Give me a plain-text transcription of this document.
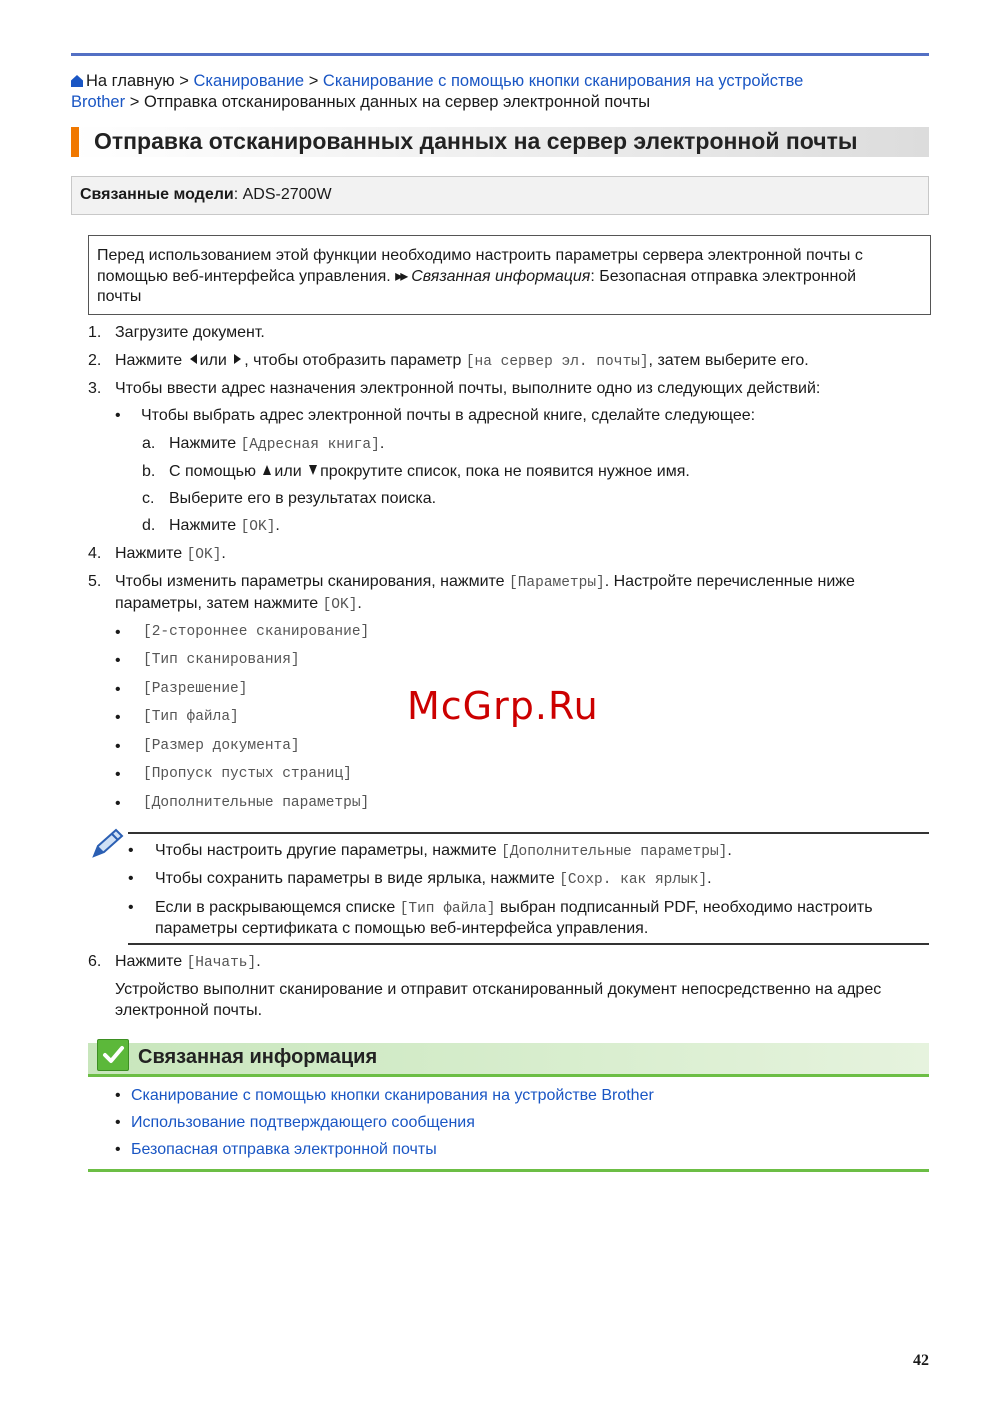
На главную > Сканирование > Сканирование с помощью кнопки сканирования на устройстве
Brother > Отправка отсканированных данных на сервер электронной почты
Отправка отсканированных данных на сервер электронной почты
Связанные модели: ADS-2700W
Перед использованием этой функции необходимо настроить параметры сервера электронной почты с
помощью веб-интерфейса управления. ▸▸ Связанная информация: Безопасная отправка электронной
почты
1. Загрузите документ.
2. Нажмите или , чтобы отобразить параметр [на сервер эл. почты], затем выберите его.
3. Чтобы ввести адрес назначения электронной почты, выполните одно из следующих действий:
• Чтобы выбрать адрес электронной почты в адресной книге, сделайте следующее:
a. Нажмите [Адресная книга].
b. С помощью или прокрутите список, пока не появится нужное имя.
c. Выберите его в результатах поиска.
d. Нажмите [OK].
4. Нажмите [OK].
5. Чтобы изменить параметры сканирования, нажмите [Параметры]. Настройте перечисленные ниже
параметры, затем нажмите [OK].
• [2-стороннее сканирование]
• [Тип сканирования]
• [Разрешение]
• [Тип файла]
• [Размер документа]
• [Пропуск пустых страниц]
• [Дополнительные параметры]
• Чтобы настроить другие параметры, нажмите [Дополнительные параметры].
• Чтобы сохранить параметры в виде ярлыка, нажмите [Сохр. как ярлык].
• Если в раскрывающемся списке [Тип файла] выбран подписанный PDF, необходимо настроить
параметры сертификата с помощью веб-интерфейса управления.
6. Нажмите [Начать].
Устройство выполнит сканирование и отправит отсканированный документ непосредственно на адрес
электронной почты.
Связанная информация
• Сканирование с помощью кнопки сканирования на устройстве Brother
• Использование подтверждающего сообщения
• Безопасная отправка электронной почты
McGrp.Ru
42
